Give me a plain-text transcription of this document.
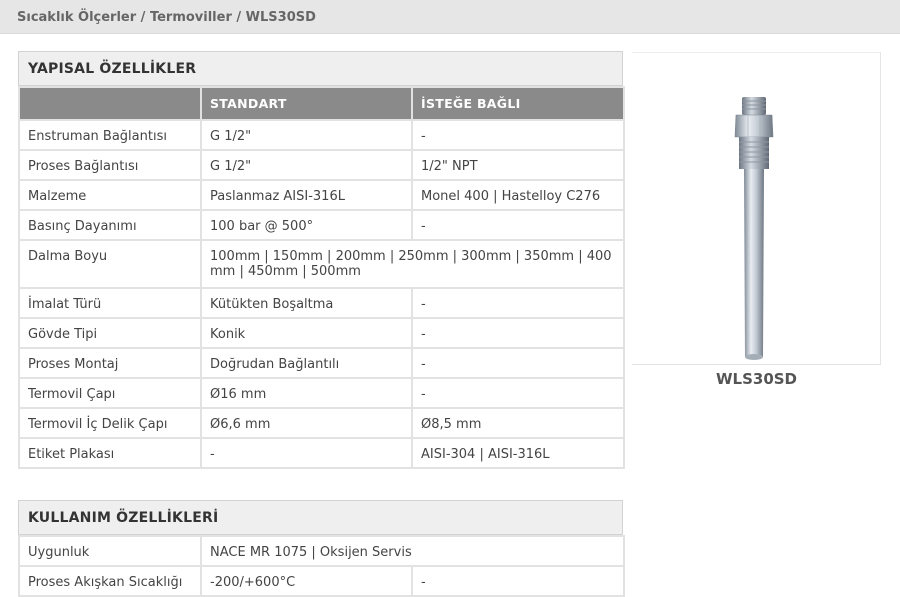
Sıcaklık Ölçerler / Termoviller / WLS30SD
YAPISAL ÖZELLİKLER
	STANDART	İSTEĞE BAĞLI
Enstruman Bağlantısı	G 1/2"	-
Proses Bağlantısı	G 1/2"	1/2" NPT
Malzeme	Paslanmaz AISI-316L	Monel 400 | Hastelloy C276
Basınç Dayanımı	100 bar @ 500°	-
Dalma Boyu	100mm | 150mm | 200mm | 250mm | 300mm | 350mm | 400mm | 450mm | 500mm	
İmalat Türü	Kütükten Boşaltma	-
Gövde Tipi	Konik	-
Proses Montaj	Doğrudan Bağlantılı	-
Termovil Çapı	Ø16 mm	-
Termovil İç Delik Çapı	Ø6,6 mm	Ø8,5 mm
Etiket Plakası	-	AISI-304 | AISI-316L
KULLANIM ÖZELLİKLERİ
Uygunluk	NACE MR 1075 | Oksijen Servis	
Proses Akışkan Sıcaklığı	-200/+600°C	-
WLS30SD
